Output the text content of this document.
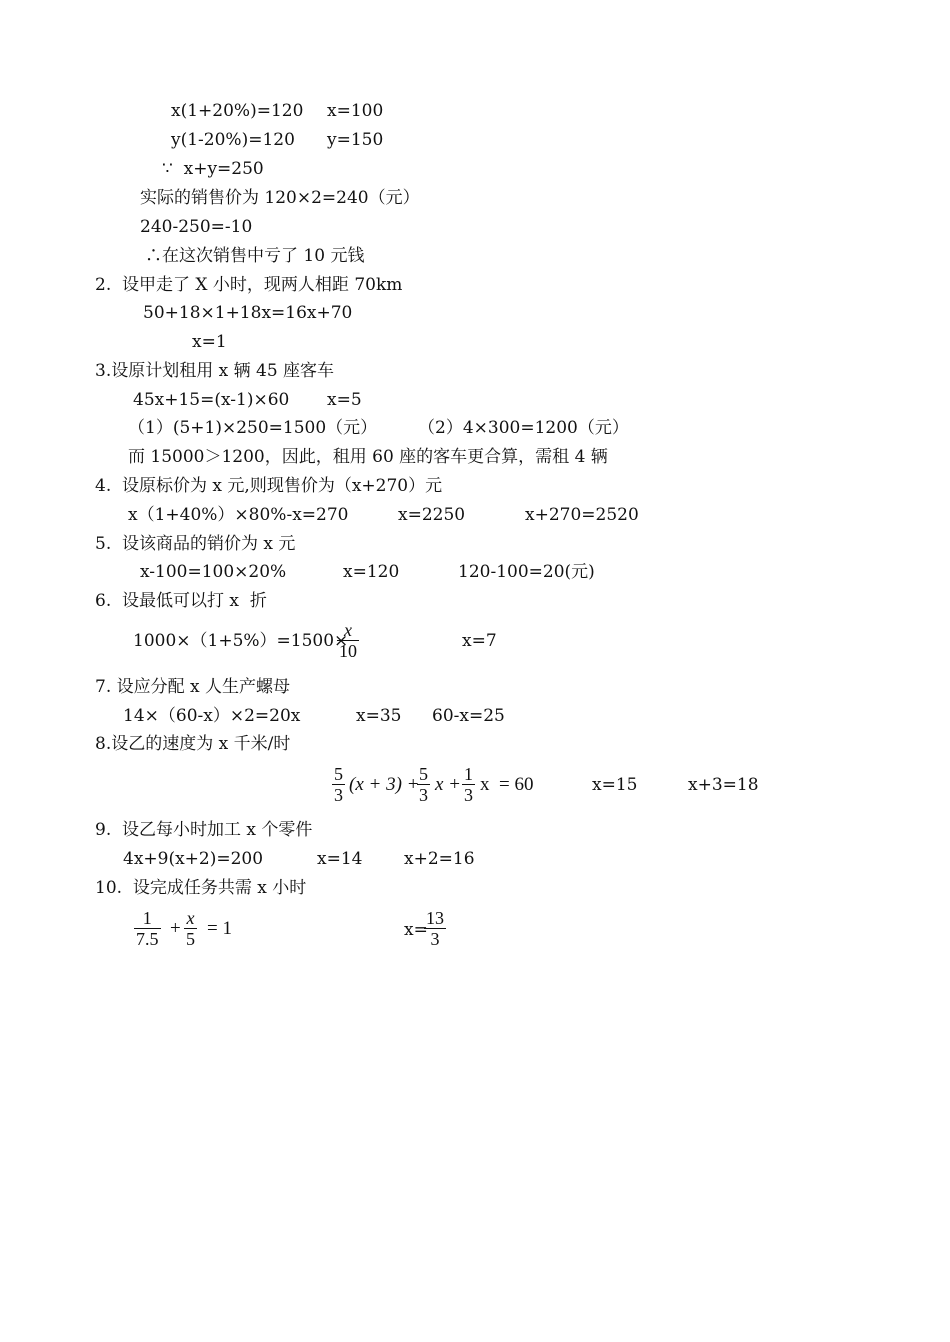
x(1+20%)=120 x=100
y(1-20%)=120 y=150
∵  x+y=250
实际的销售价为 120×2=240（元）
240-250=-10
∴在这次销售中亏了 10 元钱
2.  设甲走了 X 小时，现两人相距 70km
50+18×1+18x=16x+70
x=1
3.设原计划租用 x 辆 45 座客车
45x+15=(x-1)×60 x=5
（1）(5+1)×250=1500（元） （2）4×300=1200（元）
而 15000＞1200，因此，租用 60 座的客车更合算，需租 4 辆
4.  设原标价为 x 元,则现售价为（x+270）元
x（1+40%）×80%-x=270	x=2250	x+270=2520
5.  设该商品的销价为 x 元
x-100=100×20%	x=120	120-100=20(元)
6.  设最低可以打 x  折
1000×（1+5%）=1500×
$\frac{x}{10}$	x=7
7. 设应分配 x 人生产螺母
14×（60-x）×2=20x	x=35 60-x=25
8.设乙的速度为 x 千米/时
$\frac{5}{3} (x + 3)$ +
$\frac{5}{3}$ $x + \frac{1}{3}$ x  = 60	x=15	x+3=18
9.  设乙每小时加工 x 个零件
4x+9(x+2)=200	x=14 x+2=16
10.  设完成任务共需 x 小时
$\frac{1}{7.5} + \frac{x}{5} = 1$	x=
$\frac{13}{3}$
